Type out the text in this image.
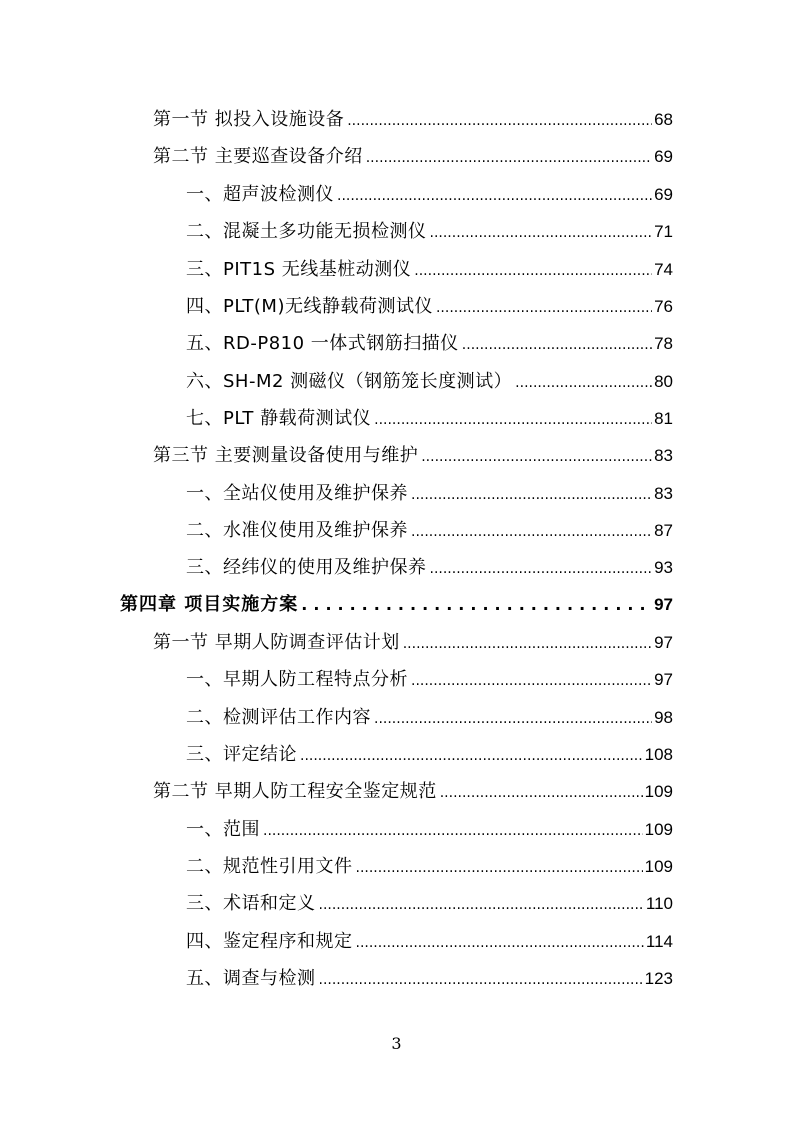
第一节 拟投入设施设备 .....	68
第二节 主要巡查设备介绍 .....	69
一、超声波检测仪 .....	69
二、混凝土多功能无损检测仪 .....	71
三、PIT1S 无线基桩动测仪 .....	74
四、PLT(M)无线静载荷测试仪 .....	76
五、RD-P810 一体式钢筋扫描仪 .....	78
六、SH-M2 测磁仪（钢筋笼长度测试） .....	80
七、PLT 静载荷测试仪 .....	81
第三节 主要测量设备使用与维护 .....	83
一、全站仪使用及维护保养 .....	83
二、水准仪使用及维护保养 .....	87
三、经纬仪的使用及维护保养 .....	93
第四章 项目实施方案 .....	97
第一节 早期人防调查评估计划 .....	97
一、早期人防工程特点分析 .....	97
二、检测评估工作内容 .....	98
三、评定结论 .....	108
第二节 早期人防工程安全鉴定规范 .....	109
一、范围 .....	109
二、规范性引用文件 .....	109
三、术语和定义 .....	110
四、鉴定程序和规定 .....	114
五、调查与检测 .....	123
3
